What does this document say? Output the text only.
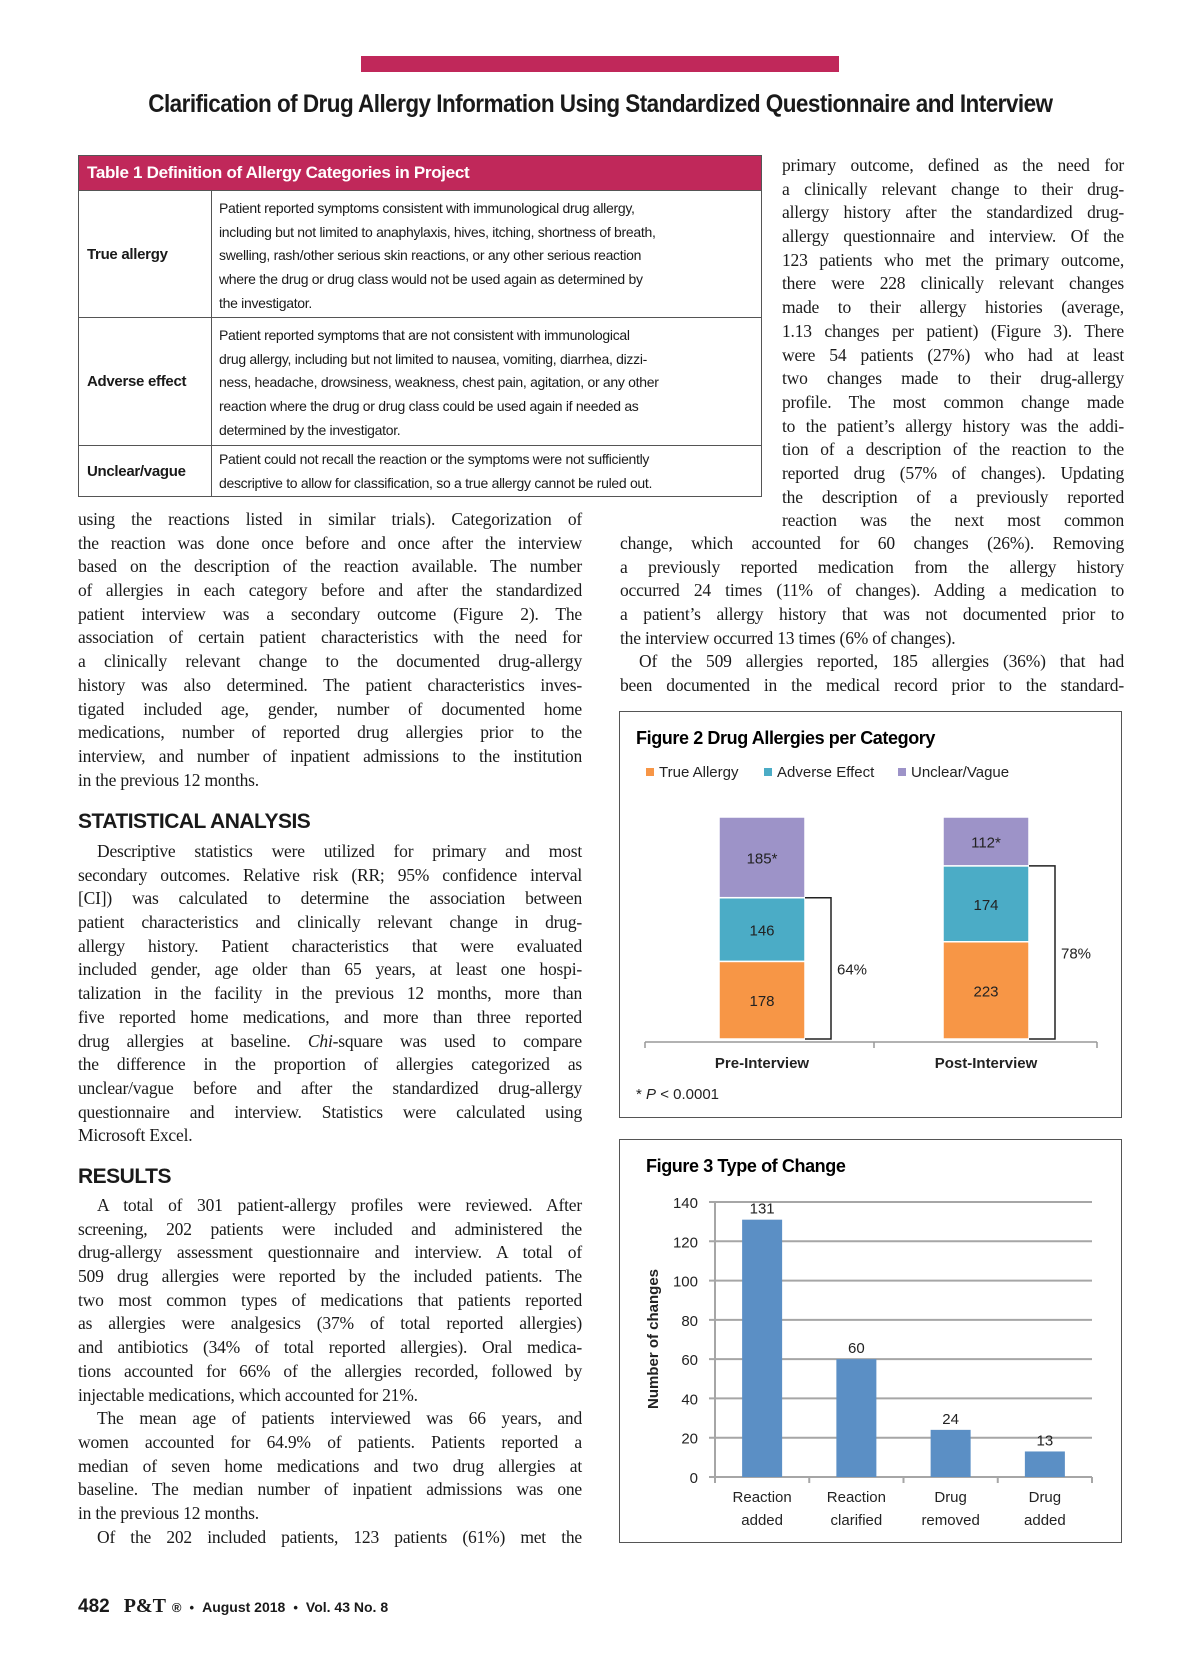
Clarification of Drug Allergy Information Using Standardized Questionnaire and Interview
Table 1 Definition of Allergy Categories in Project
True allergy
Patient reported symptoms consistent with immunological drug allergy,
including but not limited to anaphylaxis, hives, itching, shortness of breath,
swelling, rash/other serious skin reactions, or any other serious reaction
where the drug or drug class would not be used again as determined by
the investigator.
Adverse effect
Patient reported symptoms that are not consistent with immunological
drug allergy, including but not limited to nausea, vomiting, diarrhea, dizzi-
ness, headache, drowsiness, weakness, chest pain, agitation, or any other
reaction where the drug or drug class could be used again if needed as
determined by the investigator.
Unclear/vague
Patient could not recall the reaction or the symptoms were not sufficiently
descriptive to allow for classification, so a true allergy cannot be ruled out.
primary outcome, defined as the need for
a clinically relevant change to their drug-
allergy history after the standardized drug-
allergy questionnaire and interview. Of the
123 patients who met the primary outcome,
there were 228 clinically relevant changes
made to their allergy histories (average,
1.13 changes per patient) (Figure 3). There
were 54 patients (27%) who had at least
two changes made to their drug-allergy
profile. The most common change made
to the patient’s allergy history was the addi-
tion of a description of the reaction to the
reported drug (57% of changes). Updating
the description of a previously reported
reaction was the next most common
change, which accounted for 60 changes (26%). Removing
a previously reported medication from the allergy history
occurred 24 times (11% of changes). Adding a medication to
a patient’s allergy history that was not documented prior to
the interview occurred 13 times (6% of changes).
Of the 509 allergies reported, 185 allergies (36%) that had
been documented in the medical record prior to the standard-
using the reactions listed in similar trials). Categorization of
the reaction was done once before and once after the interview
based on the description of the reaction available. The number
of allergies in each category before and after the standardized
patient interview was a secondary outcome (Figure 2). The
association of certain patient characteristics with the need for
a clinically relevant change to the documented drug-allergy
history was also determined. The patient characteristics inves-
tigated included age, gender, number of documented home
medications, number of reported drug allergies prior to the
interview, and number of inpatient admissions to the institution
in the previous 12 months.
STATISTICAL ANALYSIS
Descriptive statistics were utilized for primary and most
secondary outcomes. Relative risk (RR; 95% confidence interval
[CI]) was calculated to determine the association between
patient characteristics and clinically relevant change in drug-
allergy history. Patient characteristics that were evaluated
included gender, age older than 65 years, at least one hospi-
talization in the facility in the previous 12 months, more than
five reported home medications, and more than three reported
drug allergies at baseline. Chi-square was used to compare
the difference in the proportion of allergies categorized as
unclear/vague before and after the standardized drug-allergy
questionnaire and interview. Statistics were calculated using
Microsoft Excel.
RESULTS
A total of 301 patient-allergy profiles were reviewed. After
screening, 202 patients were included and administered the
drug-allergy assessment questionnaire and interview. A total of
509 drug allergies were reported by the included patients. The
two most common types of medications that patients reported
as allergies were analgesics (37% of total reported allergies)
and antibiotics (34% of total reported allergies). Oral medica-
tions accounted for 66% of the allergies recorded, followed by
injectable medications, which accounted for 21%.
The mean age of patients interviewed was 66 years, and
women accounted for 64.9% of patients. Patients reported a
median of seven home medications and two drug allergies at
baseline. The median number of inpatient admissions was one
in the previous 12 months.
Of the 202 included patients, 123 patients (61%) met the
Figure 2 Drug Allergies per Category
True Allergy	Adverse Effect Unclear/Vague
178
146
185*
64%
Pre-Interview
223
174
112*
78%
Post-Interview
* P < 0.0001
Figure 3 Type of Change
0
20
40
60
80
100
120
140
Number of changes
131
Reaction
added
60
Reaction
clarified
24
Drug
removed
13
Drug
added
482 P&T ® • August 2018 • Vol. 43 No. 8
